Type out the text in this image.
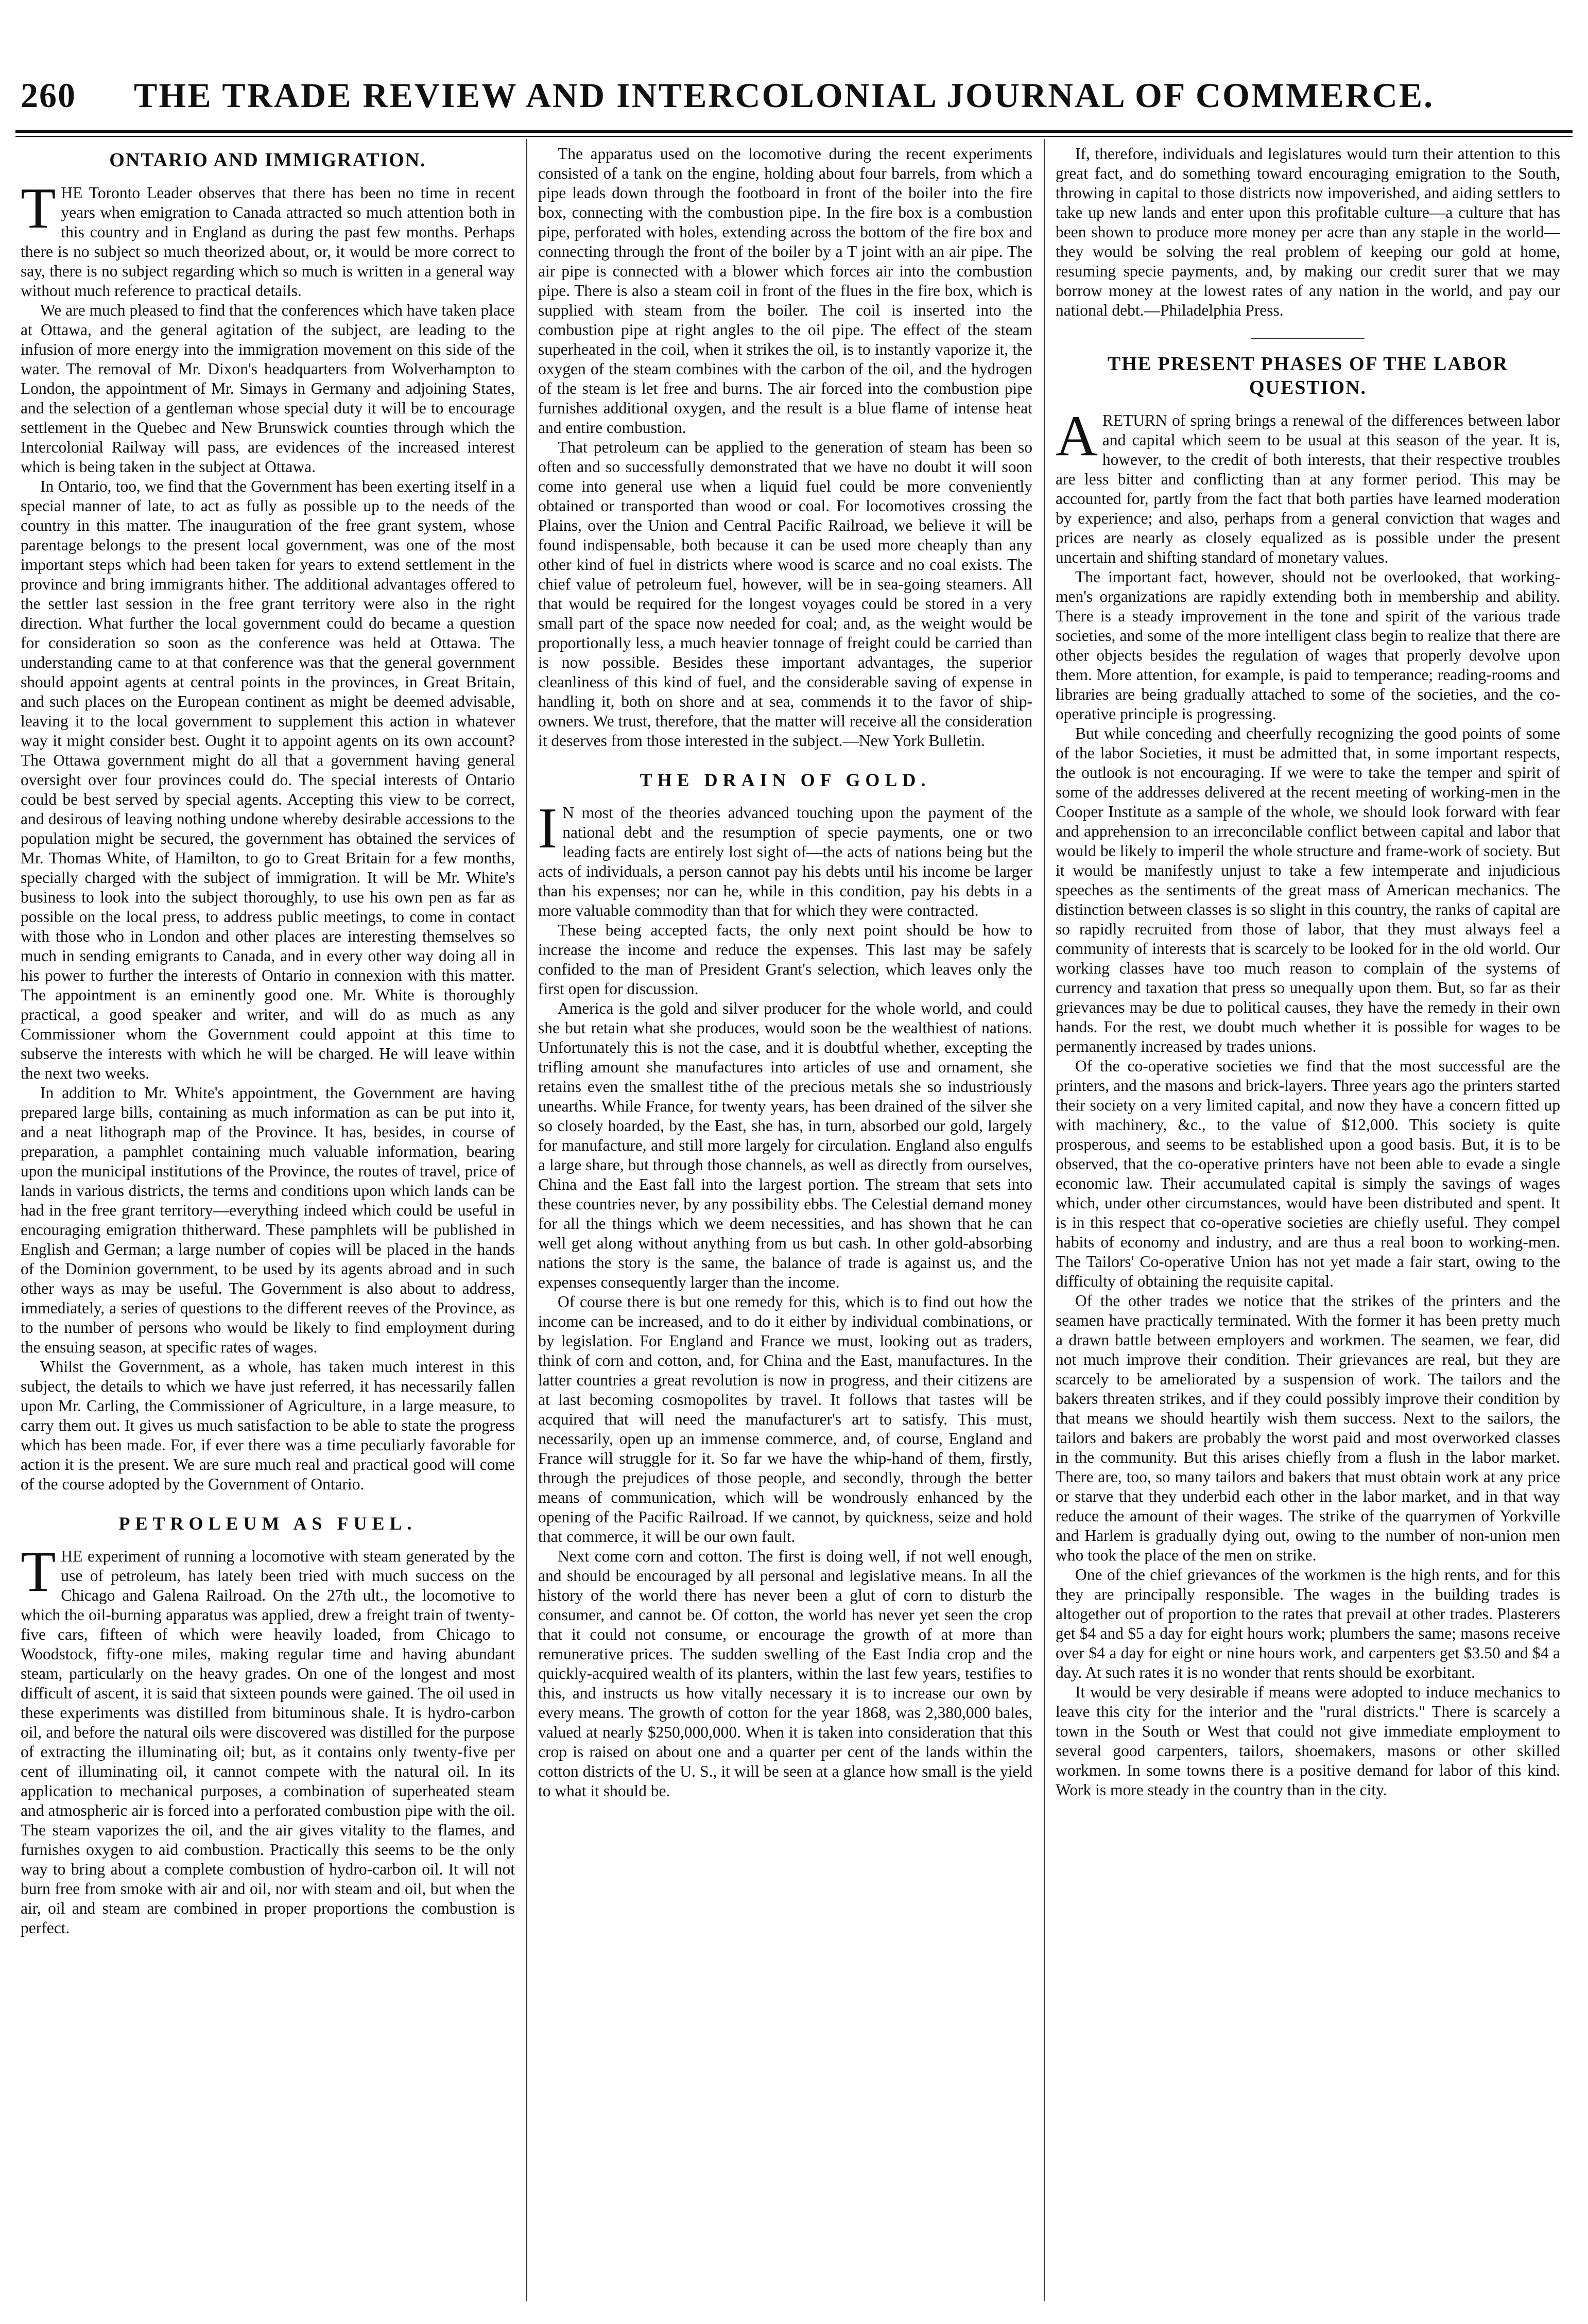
260 THE TRADE REVIEW AND INTERCOLONIAL JOURNAL OF COMMERCE.
ONTARIO AND IMMIGRATION.

THE Toronto Leader observes that there has been no time in recent years when emigration to Canada attracted so much attention both in this country and in England as during the past few months. Perhaps there is no subject so much theorized about, or, it would be more correct to say, there is no subject regarding which so much is written in a general way without much reference to practical details.

We are much pleased to find that the conferences which have taken place at Ottawa, and the general agitation of the subject, are leading to the infusion of more energy into the immigration movement on this side of the water. The removal of Mr. Dixon's headquarters from Wolverhampton to London, the appointment of Mr. Simays in Germany and adjoining States, and the selection of a gentleman whose special duty it will be to encourage settlement in the Quebec and New Brunswick counties through which the Intercolonial Railway will pass, are evidences of the increased interest which is being taken in the subject at Ottawa.

In Ontario, too, we find that the Government has been exerting itself in a special manner of late, to act as fully as possible up to the needs of the country in this matter. The inauguration of the free grant system, whose parentage belongs to the present local government, was one of the most important steps which had been taken for years to extend settlement in the province and bring immigrants hither. The additional advantages offered to the settler last session in the free grant territory were also in the right direction. What further the local government could do became a question for consideration so soon as the conference was held at Ottawa. The understanding came to at that conference was that the general government should appoint agents at central points in the provinces, in Great Britain, and such places on the European continent as might be deemed advisable, leaving it to the local government to supplement this action in whatever way it might consider best. Ought it to appoint agents on its own account? The Ottawa government might do all that a government having general oversight over four provinces could do. The special interests of Ontario could be best served by special agents. Accepting this view to be correct, and desirous of leaving nothing undone whereby desirable accessions to the population might be secured, the government has obtained the services of Mr. Thomas White, of Hamilton, to go to Great Britain for a few months, specially charged with the subject of immigration. It will be Mr. White's business to look into the subject thoroughly, to use his own pen as far as possible on the local press, to address public meetings, to come in contact with those who in London and other places are interesting themselves so much in sending emigrants to Canada, and in every other way doing all in his power to further the interests of Ontario in connexion with this matter. The appointment is an eminently good one. Mr. White is thoroughly practical, a good speaker and writer, and will do as much as any Commissioner whom the Government could appoint at this time to subserve the interests with which he will be charged. He will leave within the next two weeks.

In addition to Mr. White's appointment, the Government are having prepared large bills, containing as much information as can be put into it, and a neat lithograph map of the Province. It has, besides, in course of preparation, a pamphlet containing much valuable information, bearing upon the municipal institutions of the Province, the routes of travel, price of lands in various districts, the terms and conditions upon which lands can be had in the free grant territory—everything indeed which could be useful in encouraging emigration thitherward. These pamphlets will be published in English and German; a large number of copies will be placed in the hands of the Dominion government, to be used by its agents abroad and in such other ways as may be useful. The Government is also about to address, immediately, a series of questions to the different reeves of the Province, as to the number of persons who would be likely to find employment during the ensuing season, at specific rates of wages.

Whilst the Government, as a whole, has taken much interest in this subject, the details to which we have just referred, it has necessarily fallen upon Mr. Carling, the Commissioner of Agriculture, in a large measure, to carry them out. It gives us much satisfaction to be able to state the progress which has been made. For, if ever there was a time peculiarly favorable for action it is the present. We are sure much real and practical good will come of the course adopted by the Government of Ontario.

PETROLEUM AS FUEL.

THE experiment of running a locomotive with steam generated by the use of petroleum, has lately been tried with much success on the Chicago and Galena Railroad. On the 27th ult., the locomotive to which the oil-burning apparatus was applied, drew a freight train of twenty-five cars, fifteen of which were heavily loaded, from Chicago to Woodstock, fifty-one miles, making regular time and having abundant steam, particularly on the heavy grades. On one of the longest and most difficult of ascent, it is said that sixteen pounds were gained. The oil used in these experiments was distilled from bituminous shale. It is hydro-carbon oil, and before the natural oils were discovered was distilled for the purpose of extracting the illuminating oil; but, as it contains only twenty-five per cent of illuminating oil, it cannot compete with the natural oil. In its application to mechanical purposes, a combination of superheated steam and atmospheric air is forced into a perforated combustion pipe with the oil. The steam vaporizes the oil, and the air gives vitality to the flames, and furnishes oxygen to aid combustion. Practically this seems to be the only way to bring about a complete combustion of hydro-carbon oil. It will not burn free from smoke with air and oil, nor with steam and oil, but when the air, oil and steam are combined in proper proportions the combustion is perfect.

The apparatus used on the locomotive during the recent experiments consisted of a tank on the engine, holding about four barrels, from which a pipe leads down through the footboard in front of the boiler into the fire box, connecting with the combustion pipe. In the fire box is a combustion pipe, perforated with holes, extending across the bottom of the fire box and connecting through the front of the boiler by a T joint with an air pipe. The air pipe is connected with a blower which forces air into the combustion pipe. There is also a steam coil in front of the flues in the fire box, which is supplied with steam from the boiler. The coil is inserted into the combustion pipe at right angles to the oil pipe. The effect of the steam superheated in the coil, when it strikes the oil, is to instantly vaporize it, the oxygen of the steam combines with the carbon of the oil, and the hydrogen of the steam is let free and burns. The air forced into the combustion pipe furnishes additional oxygen, and the result is a blue flame of intense heat and entire combustion.

That petroleum can be applied to the generation of steam has been so often and so successfully demonstrated that we have no doubt it will soon come into general use when a liquid fuel could be more conveniently obtained or transported than wood or coal. For locomotives crossing the Plains, over the Union and Central Pacific Railroad, we believe it will be found indispensable, both because it can be used more cheaply than any other kind of fuel in districts where wood is scarce and no coal exists. The chief value of petroleum fuel, however, will be in sea-going steamers. All that would be required for the longest voyages could be stored in a very small part of the space now needed for coal; and, as the weight would be proportionally less, a much heavier tonnage of freight could be carried than is now possible. Besides these important advantages, the superior cleanliness of this kind of fuel, and the considerable saving of expense in handling it, both on shore and at sea, commends it to the favor of ship-owners. We trust, therefore, that the matter will receive all the consideration it deserves from those interested in the subject.—New York Bulletin.

THE DRAIN OF GOLD.

I N most of the theories advanced touching upon the payment of the national debt and the resumption of specie payments, one or two leading facts are entirely lost sight of—the acts of nations being but the acts of individuals, a person cannot pay his debts until his income be larger than his expenses; nor can he, while in this condition, pay his debts in a more valuable commodity than that for which they were contracted.

These being accepted facts, the only next point should be how to increase the income and reduce the expenses. This last may be safely confided to the man of President Grant's selection, which leaves only the first open for discussion.

America is the gold and silver producer for the whole world, and could she but retain what she produces, would soon be the wealthiest of nations. Unfortunately this is not the case, and it is doubtful whether, excepting the trifling amount she manufactures into articles of use and ornament, she retains even the smallest tithe of the precious metals she so industriously unearths. While France, for twenty years, has been drained of the silver she so closely hoarded, by the East, she has, in turn, absorbed our gold, largely for manufacture, and still more largely for circulation. England also engulfs a large share, but through those channels, as well as directly from ourselves, China and the East fall into the largest portion. The stream that sets into these countries never, by any possibility ebbs. The Celestial demand money for all the things which we deem necessities, and has shown that he can well get along without anything from us but cash. In other gold-absorbing nations the story is the same, the balance of trade is against us, and the expenses consequently larger than the income.

Of course there is but one remedy for this, which is to find out how the income can be increased, and to do it either by individual combinations, or by legislation. For England and France we must, looking out as traders, think of corn and cotton, and, for China and the East, manufactures. In the latter countries a great revolution is now in progress, and their citizens are at last becoming cosmopolites by travel. It follows that tastes will be acquired that will need the manufacturer's art to satisfy. This must, necessarily, open up an immense commerce, and, of course, England and France will struggle for it. So far we have the whip-hand of them, firstly, through the prejudices of those people, and secondly, through the better means of communication, which will be wondrously enhanced by the opening of the Pacific Railroad. If we cannot, by quickness, seize and hold that commerce, it will be our own fault.

Next come corn and cotton. The first is doing well, if not well enough, and should be encouraged by all personal and legislative means. In all the history of the world there has never been a glut of corn to disturb the consumer, and cannot be. Of cotton, the world has never yet seen the crop that it could not consume, or encourage the growth of at more than remunerative prices. The sudden swelling of the East India crop and the quickly-acquired wealth of its planters, within the last few years, testifies to this, and instructs us how vitally necessary it is to increase our own by every means. The growth of cotton for the year 1868, was 2,380,000 bales, valued at nearly $250,000,000. When it is taken into consideration that this crop is raised on about one and a quarter per cent of the lands within the cotton districts of the U. S., it will be seen at a glance how small is the yield to what it should be.

If, therefore, individuals and legislatures would turn their attention to this great fact, and do something toward encouraging emigration to the South, throwing in capital to those districts now impoverished, and aiding settlers to take up new lands and enter upon this profitable culture—a culture that has been shown to produce more money per acre than any staple in the world—they would be solving the real problem of keeping our gold at home, resuming specie payments, and, by making our credit surer that we may borrow money at the lowest rates of any nation in the world, and pay our national debt.—Philadelphia Press.

THE PRESENT PHASES OF THE LABOR QUESTION.

A RETURN of spring brings a renewal of the differences between labor and capital which seem to be usual at this season of the year. It is, however, to the credit of both interests, that their respective troubles are less bitter and conflicting than at any former period. This may be accounted for, partly from the fact that both parties have learned moderation by experience; and also, perhaps from a general conviction that wages and prices are nearly as closely equalized as is possible under the present uncertain and shifting standard of monetary values.

The important fact, however, should not be overlooked, that working-men's organizations are rapidly extending both in membership and ability. There is a steady improvement in the tone and spirit of the various trade societies, and some of the more intelligent class begin to realize that there are other objects besides the regulation of wages that properly devolve upon them. More attention, for example, is paid to temperance; reading-rooms and libraries are being gradually attached to some of the societies, and the co-operative principle is progressing.

But while conceding and cheerfully recognizing the good points of some of the labor Societies, it must be admitted that, in some important respects, the outlook is not encouraging. If we were to take the temper and spirit of some of the addresses delivered at the recent meeting of working-men in the Cooper Institute as a sample of the whole, we should look forward with fear and apprehension to an irreconcilable conflict between capital and labor that would be likely to imperil the whole structure and frame-work of society. But it would be manifestly unjust to take a few intemperate and injudicious speeches as the sentiments of the great mass of American mechanics. The distinction between classes is so slight in this country, the ranks of capital are so rapidly recruited from those of labor, that they must always feel a community of interests that is scarcely to be looked for in the old world. Our working classes have too much reason to complain of the systems of currency and taxation that press so unequally upon them. But, so far as their grievances may be due to political causes, they have the remedy in their own hands. For the rest, we doubt much whether it is possible for wages to be permanently increased by trades unions.

Of the co-operative societies we find that the most successful are the printers, and the masons and brick-layers. Three years ago the printers started their society on a very limited capital, and now they have a concern fitted up with machinery, &c., to the value of $12,000. This society is quite prosperous, and seems to be established upon a good basis. But, it is to be observed, that the co-operative printers have not been able to evade a single economic law. Their accumulated capital is simply the savings of wages which, under other circumstances, would have been distributed and spent. It is in this respect that co-operative societies are chiefly useful. They compel habits of economy and industry, and are thus a real boon to working-men. The Tailors' Co-operative Union has not yet made a fair start, owing to the difficulty of obtaining the requisite capital.

Of the other trades we notice that the strikes of the printers and the seamen have practically terminated. With the former it has been pretty much a drawn battle between employers and workmen. The seamen, we fear, did not much improve their condition. Their grievances are real, but they are scarcely to be ameliorated by a suspension of work. The tailors and the bakers threaten strikes, and if they could possibly improve their condition by that means we should heartily wish them success. Next to the sailors, the tailors and bakers are probably the worst paid and most overworked classes in the community. But this arises chiefly from a flush in the labor market. There are, too, so many tailors and bakers that must obtain work at any price or starve that they underbid each other in the labor market, and in that way reduce the amount of their wages. The strike of the quarrymen of Yorkville and Harlem is gradually dying out, owing to the number of non-union men who took the place of the men on strike.

One of the chief grievances of the workmen is the high rents, and for this they are principally responsible. The wages in the building trades is altogether out of proportion to the rates that prevail at other trades. Plasterers get $4 and $5 a day for eight hours work; plumbers the same; masons receive over $4 a day for eight or nine hours work, and carpenters get $3.50 and $4 a day. At such rates it is no wonder that rents should be exorbitant.

It would be very desirable if means were adopted to induce mechanics to leave this city for the interior and the "rural districts." There is scarcely a town in the South or West that could not give immediate employment to several good carpenters, tailors, shoemakers, masons or other skilled workmen. In some towns there is a positive demand for labor of this kind. Work is more steady in the country than in the city.
